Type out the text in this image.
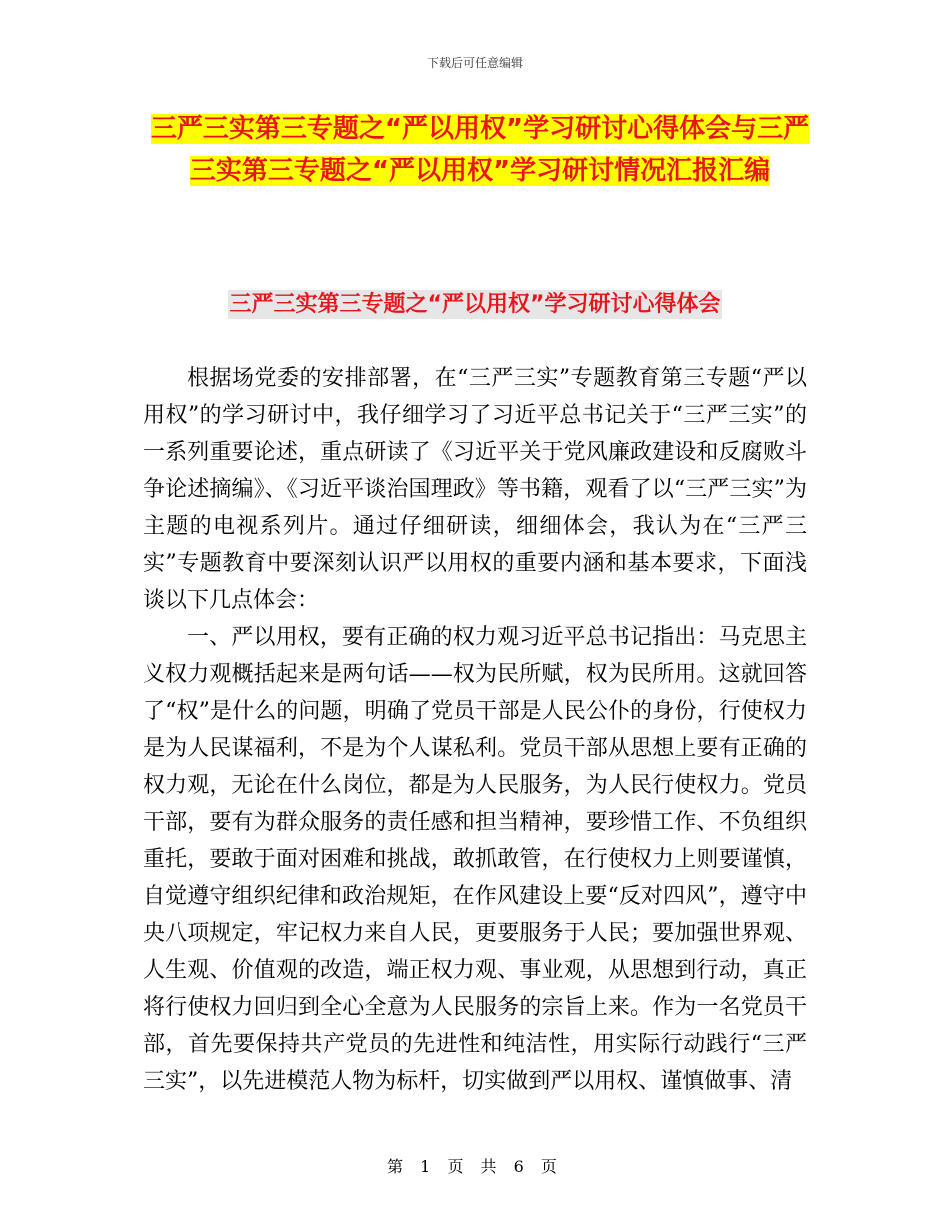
下载后可任意编辑
三严三实第三专题之“严以用权”学习研讨心得体会与三严三实第三专题之“严以用权”学习研讨情况汇报汇编
三严三实第三专题之“严以用权”学习研讨心得体会

根据场党委的安排部署，在“三严三实”专题教育第三专题“严以用权”的学习研讨中，我仔细学习了习近平总书记关于“三严三实”的一系列重要论述，重点研读了《习近平关于党风廉政建设和反腐败斗争论述摘编》、《习近平谈治国理政》等书籍，观看了以“三严三实”为主题的电视系列片。通过仔细研读，细细体会，我认为在“三严三实”专题教育中要深刻认识严以用权的重要内涵和基本要求，下面浅谈以下几点体会：

一、严以用权，要有正确的权力观习近平总书记指出：马克思主义权力观概括起来是两句话——权为民所赋，权为民所用。这就回答了“权”是什么的问题，明确了党员干部是人民公仆的身份，行使权力是为人民谋福利，不是为个人谋私利。党员干部从思想上要有正确的权力观，无论在什么岗位，都是为人民服务，为人民行使权力。党员干部，要有为群众服务的责任感和担当精神，要珍惜工作、不负组织重托，要敢于面对困难和挑战，敢抓敢管，在行使权力上则要谨慎，自觉遵守组织纪律和政治规矩，在作风建设上要“反对四风”，遵守中央八项规定，牢记权力来自人民，更要服务于人民；要加强世界观、人生观、价值观的改造，端正权力观、事业观，从思想到行动，真正将行使权力回归到全心全意为人民服务的宗旨上来。作为一名党员干部，首先要保持共产党员的先进性和纯洁性，用实际行动践行“三严三实”，以先进模范人物为标杆，切实做到严以用权、谨慎做事、清

第 1 页 共 6 页
